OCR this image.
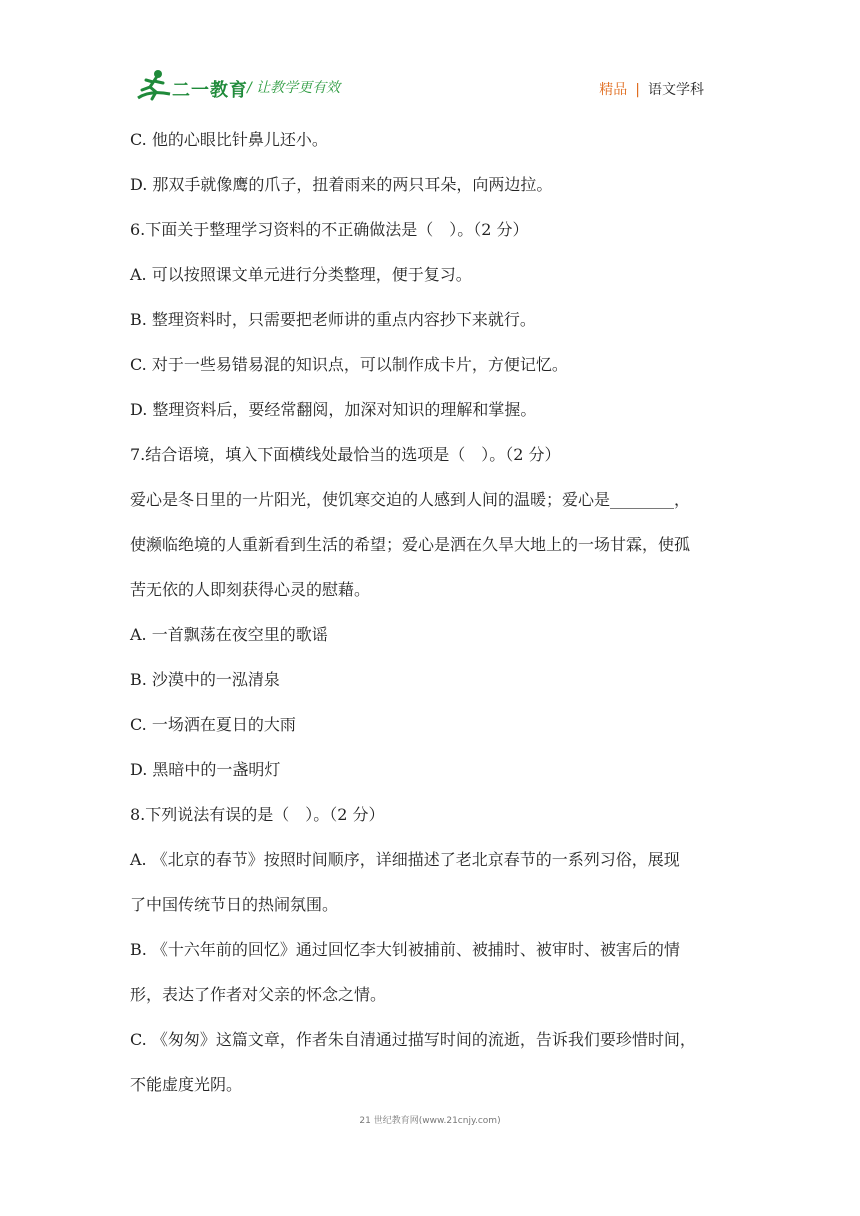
二一教育 / 让教学更有效	精品 | 语文学科
C. 他的心眼比针鼻儿还小。
D. 那双手就像鹰的爪子，扭着雨来的两只耳朵，向两边拉。
6.下面关于整理学习资料的不正确做法是（　）。（2 分）
A. 可以按照课文单元进行分类整理，便于复习。
B. 整理资料时，只需要把老师讲的重点内容抄下来就行。
C. 对于一些易错易混的知识点，可以制作成卡片，方便记忆。
D. 整理资料后，要经常翻阅，加深对知识的理解和掌握。
7.结合语境，填入下面横线处最恰当的选项是（　）。（2 分）
爱心是冬日里的一片阳光，使饥寒交迫的人感到人间的温暖；爱心是________，
使濒临绝境的人重新看到生活的希望；爱心是洒在久旱大地上的一场甘霖，使孤
苦无依的人即刻获得心灵的慰藉。
A. 一首飘荡在夜空里的歌谣
B. 沙漠中的一泓清泉
C. 一场洒在夏日的大雨
D. 黑暗中的一盏明灯
8.下列说法有误的是（　）。（2 分）
A. 《北京的春节》按照时间顺序，详细描述了老北京春节的一系列习俗，展现
了中国传统节日的热闹氛围。
B. 《十六年前的回忆》通过回忆李大钊被捕前、被捕时、被审时、被害后的情
形，表达了作者对父亲的怀念之情。
C. 《匆匆》这篇文章，作者朱自清通过描写时间的流逝，告诉我们要珍惜时间，
不能虚度光阴。
21 世纪教育网(www.21cnjy.com)
